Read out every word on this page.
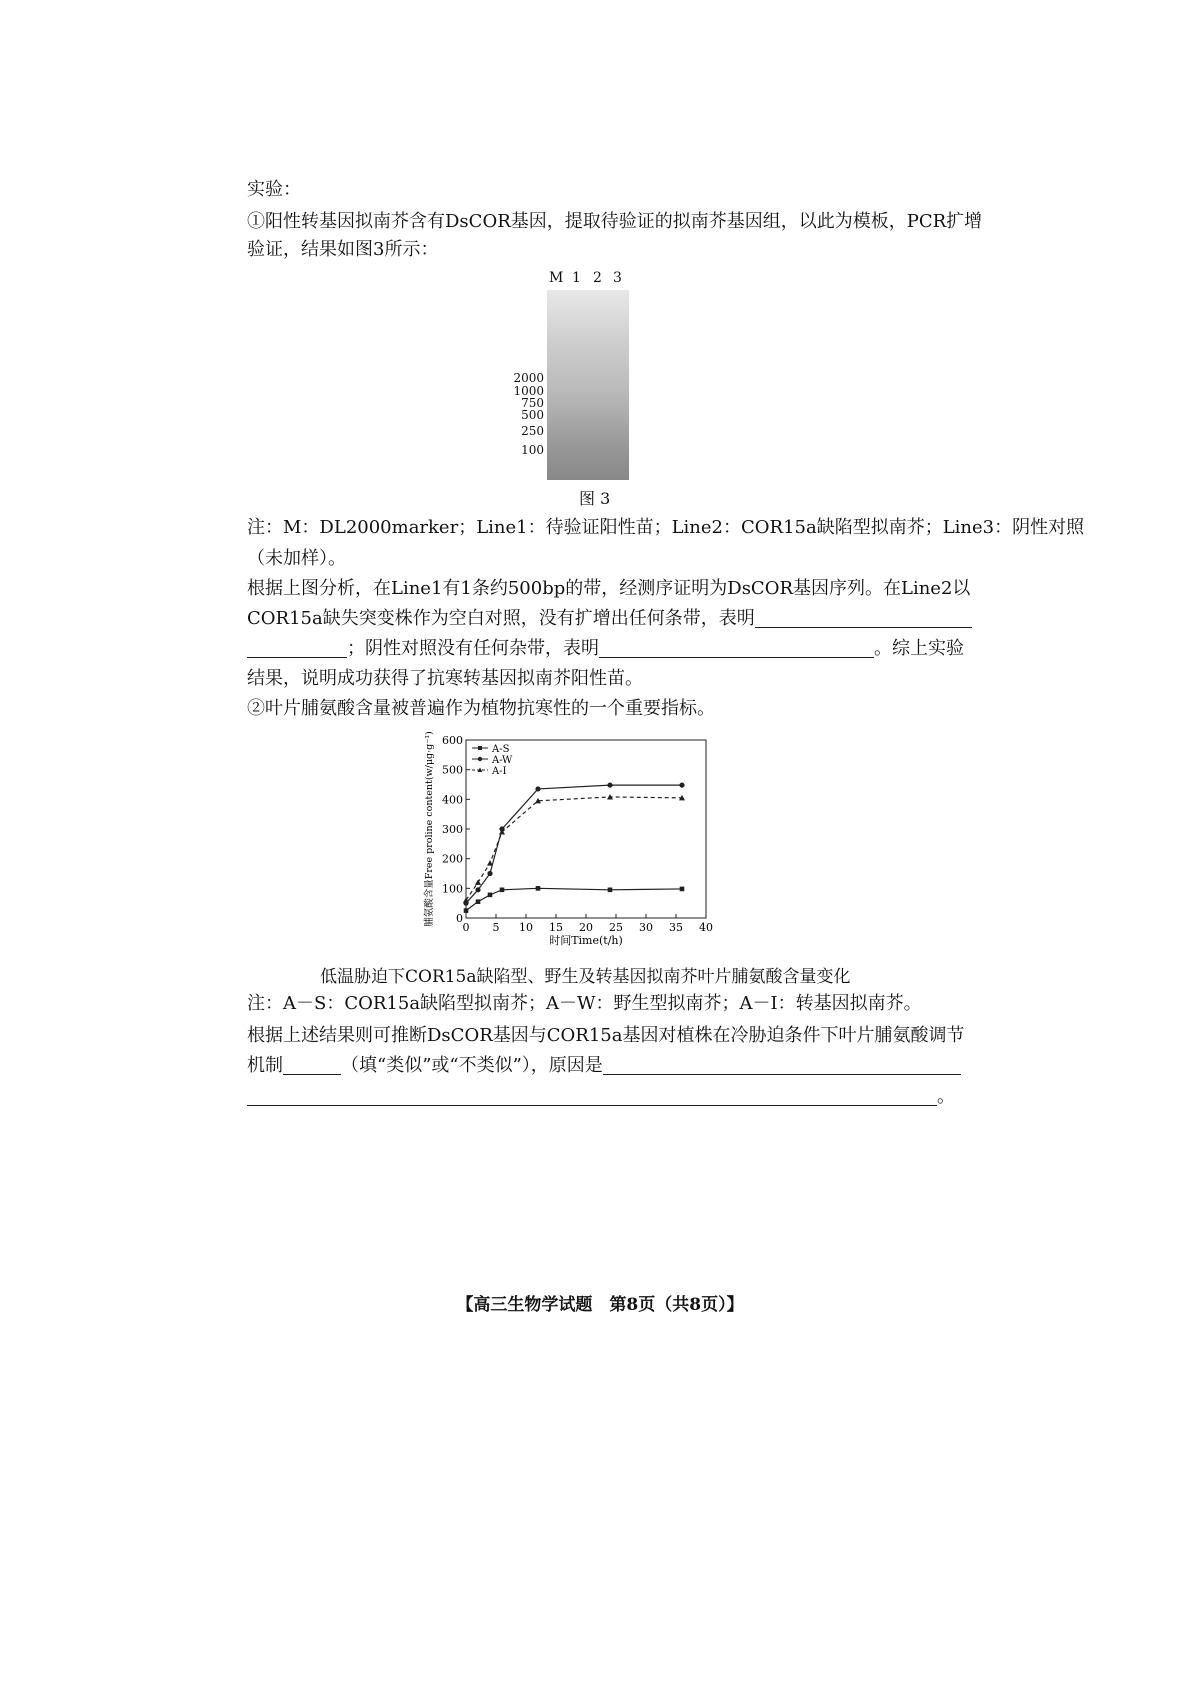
实验：
①阳性转基因拟南芥含有DsCOR基因，提取待验证的拟南芥基因组，以此为模板，PCR扩增
验证，结果如图3所示：
M 1 2 3
2000
1000
750
500
250
100
图 3
注：M：DL2000marker；Line1：待验证阳性苗；Line2：COR15a缺陷型拟南芥；Line3：阴性对照
（未加样）。
根据上图分析，在Line1有1条约500bp的带，经测序证明为DsCOR基因序列。在Line2以
COR15a缺失突变株作为空白对照，没有扩增出任何条带，表明
；阴性对照没有任何杂带，表明	。综上实验
结果，说明成功获得了抗寒转基因拟南芥阳性苗。
②叶片脯氨酸含量被普遍作为植物抗寒性的一个重要指标。
0 5 10 15 20 25 30 35 40
0
100
200
300
400
500
600
时间Time(t/h)
脯氨酸含量Free proline content(w/μg·g⁻¹)	A-S
A-W
A-I
低温胁迫下COR15a缺陷型、野生及转基因拟南芥叶片脯氨酸含量变化
注：A－S：COR15a缺陷型拟南芥；A－W：野生型拟南芥；A－I：转基因拟南芥。
根据上述结果则可推断DsCOR基因与COR15a基因对植株在冷胁迫条件下叶片脯氨酸调节
机制	（填“类似”或“不类似”），原因是
。
【高三生物学试题　第8页（共8页）】
